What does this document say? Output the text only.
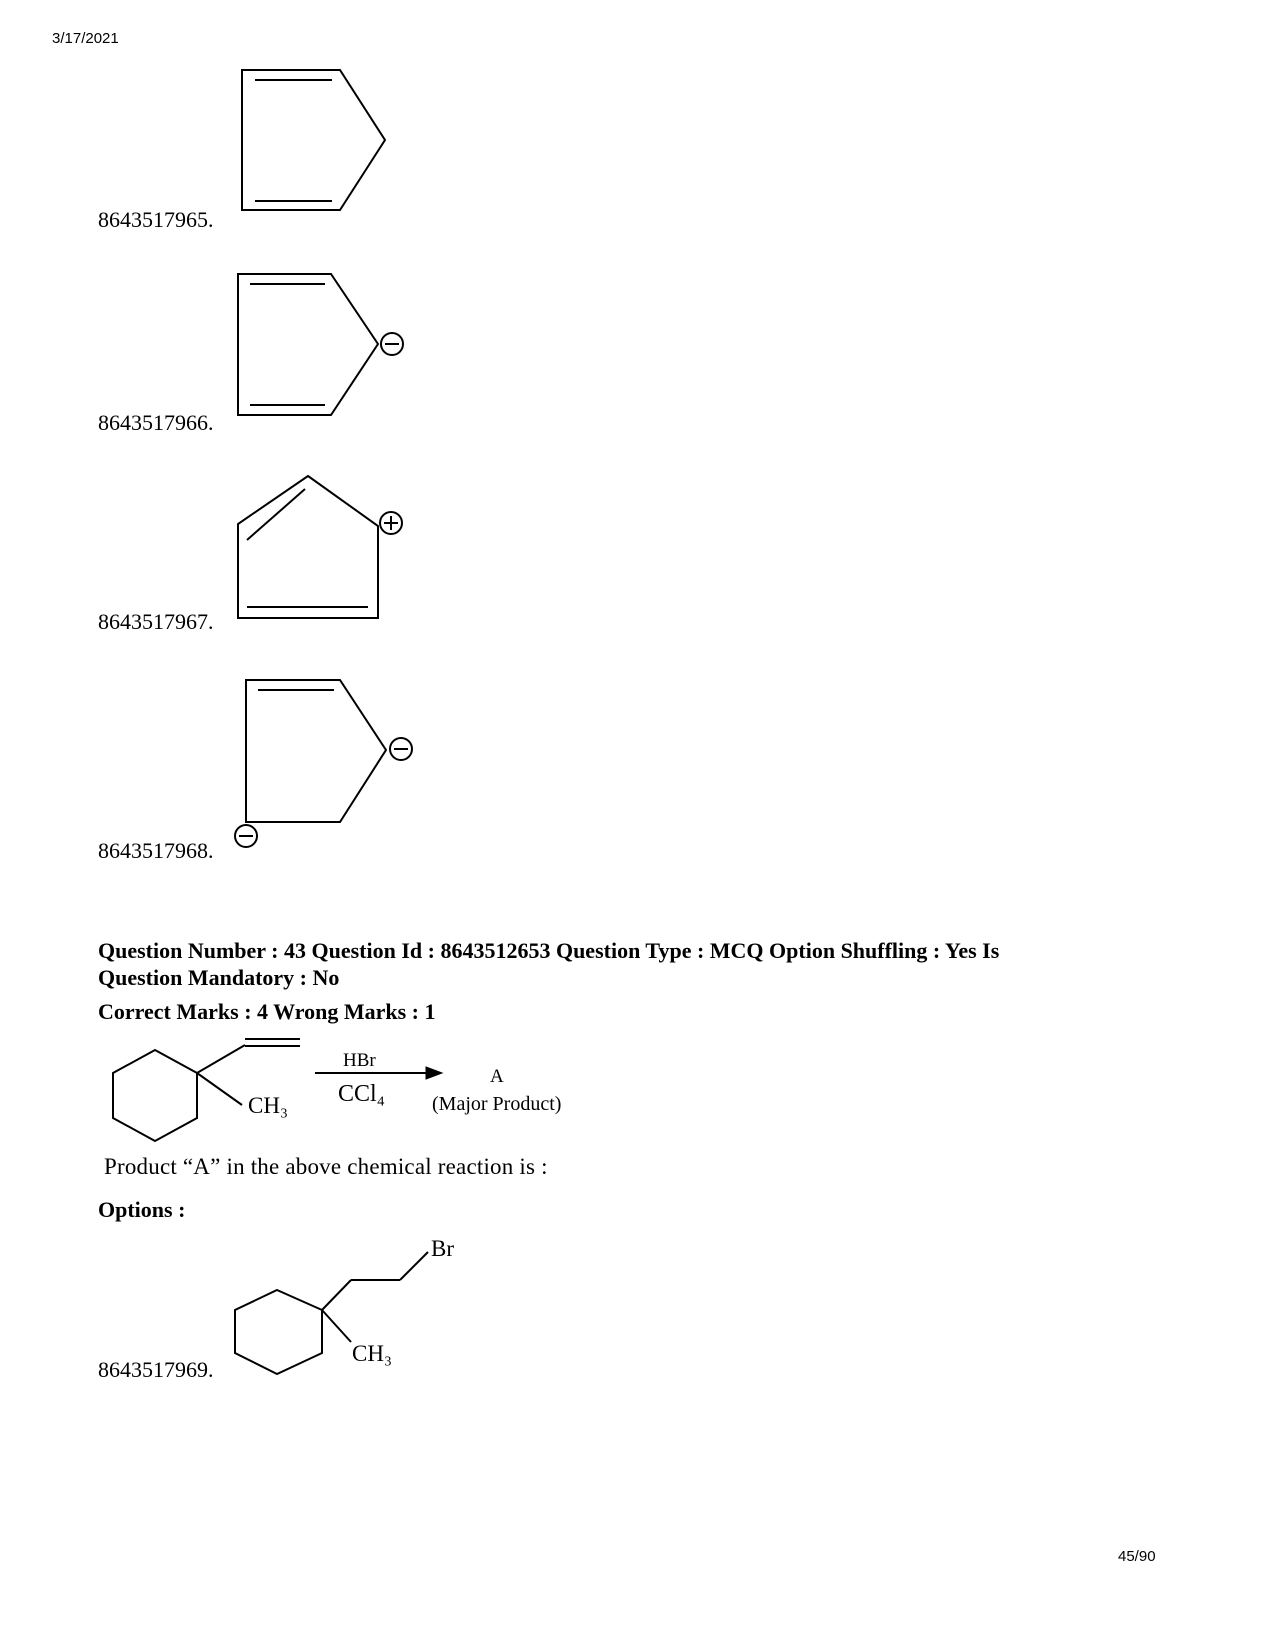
3/17/2021
8643517965.
8643517966.
8643517967.
8643517968.
Question Number : 43 Question Id : 8643512653 Question Type : MCQ Option Shuffling : Yes Is
Question Mandatory : No
Correct Marks : 4 Wrong Marks : 1
CH₃
HBr
CCl₄
A
(Major Product)
Product “A” in the above chemical reaction is :
Options :
Br
CH₃
8643517969.
45/90
